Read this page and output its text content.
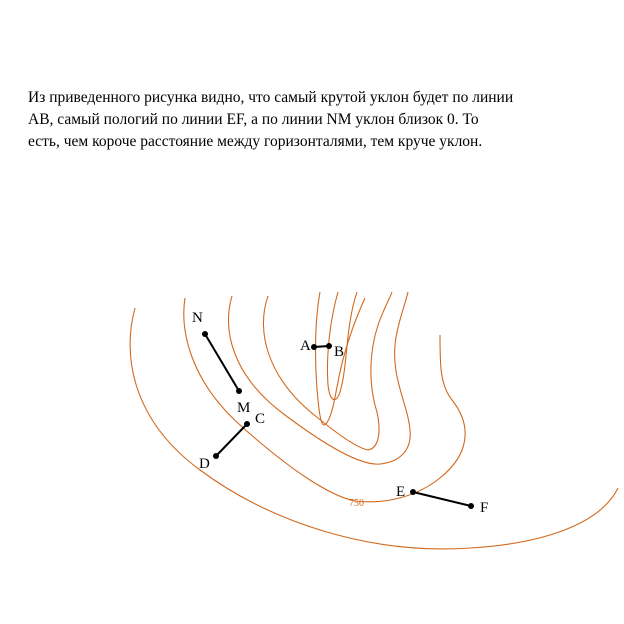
Из приведенного рисунка видно, что самый крутой уклон будет по линии
АВ, самый пологий по линии EF, а по линии NM уклон близок 0. То
есть, чем короче расстояние между горизонталями, тем круче уклон.

750
N
M
C
D
A B
E
F
